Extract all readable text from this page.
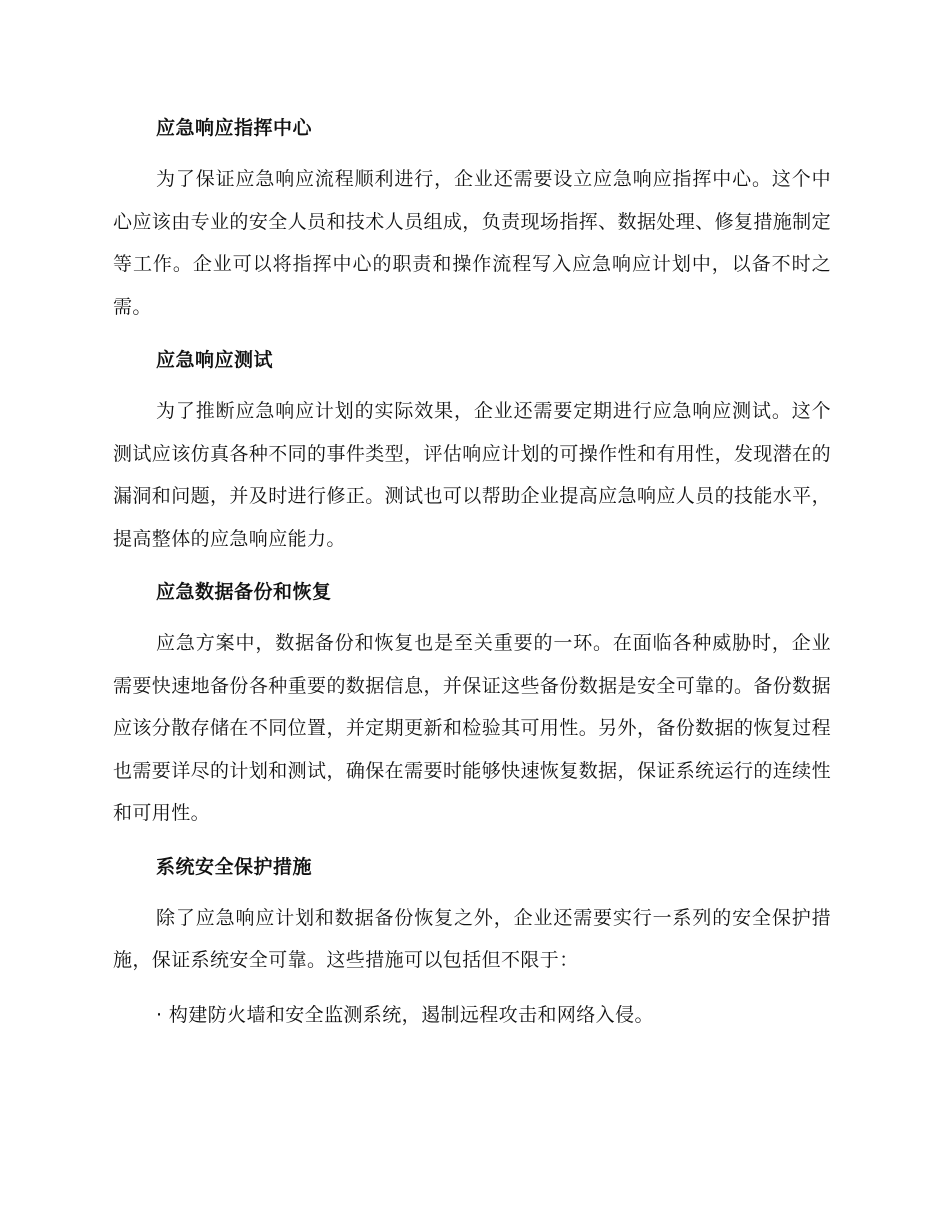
应急响应指挥中心

为了保证应急响应流程顺利进行，企业还需要设立应急响应指挥中心。这个中心应该由专业的安全人员和技术人员组成，负责现场指挥、数据处理、修复措施制定等工作。企业可以将指挥中心的职责和操作流程写入应急响应计划中，以备不时之需。

应急响应测试

为了推断应急响应计划的实际效果，企业还需要定期进行应急响应测试。这个测试应该仿真各种不同的事件类型，评估响应计划的可操作性和有用性，发现潜在的漏洞和问题，并及时进行修正。测试也可以帮助企业提高应急响应人员的技能水平，提高整体的应急响应能力。

应急数据备份和恢复

应急方案中，数据备份和恢复也是至关重要的一环。在面临各种威胁时，企业需要快速地备份各种重要的数据信息，并保证这些备份数据是安全可靠的。备份数据应该分散存储在不同位置，并定期更新和检验其可用性。另外，备份数据的恢复过程也需要详尽的计划和测试，确保在需要时能够快速恢复数据，保证系统运行的连续性和可用性。

系统安全保护措施

除了应急响应计划和数据备份恢复之外，企业还需要实行一系列的安全保护措施，保证系统安全可靠。这些措施可以包括但不限于：

· 构建防火墙和安全监测系统，遏制远程攻击和网络入侵。
